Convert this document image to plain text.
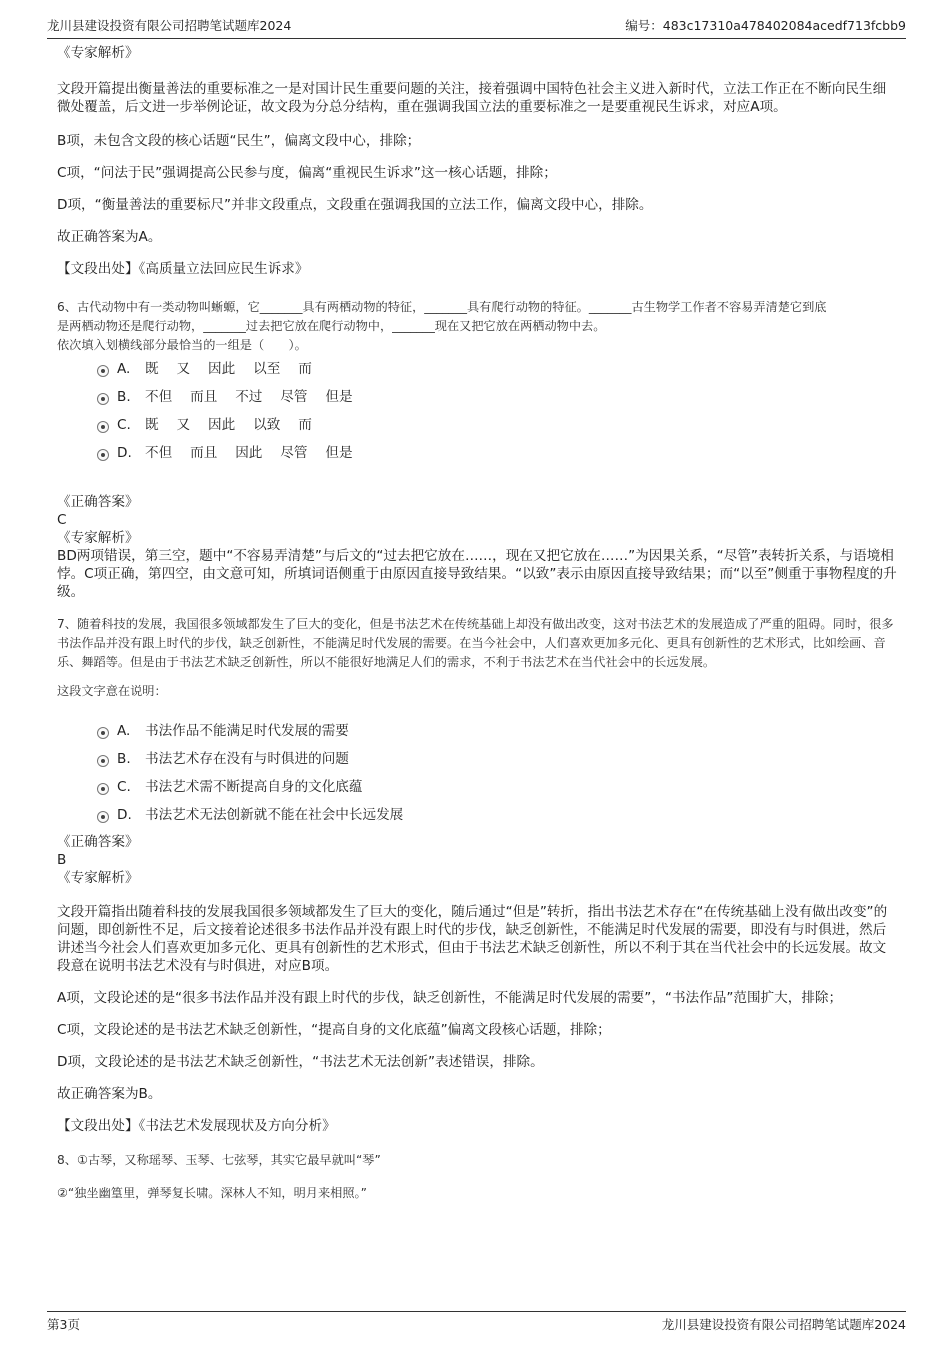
龙川县建设投资有限公司招聘笔试题库2024	编号：483c17310a478402084acedf713fcbb9

《专家解析》

文段开篇提出衡量善法的重要标准之一是对国计民生重要问题的关注，接着强调中国特色社会主义进入新时代，立法工作正在不断向民生细微处覆盖，后文进一步举例论证，故文段为分总分结构，重在强调我国立法的重要标准之一是要重视民生诉求，对应A项。

B项，未包含文段的核心话题“民生”，偏离文段中心，排除；

C项，“问法于民”强调提高公民参与度，偏离“重视民生诉求”这一核心话题，排除；

D项，“衡量善法的重要标尺”并非文段重点，文段重在强调我国的立法工作，偏离文段中心，排除。

故正确答案为A。

【文段出处】《高质量立法回应民生诉求》

6、古代动物中有一类动物叫蜥螈，它_______具有两栖动物的特征，_______具有爬行动物的特征。_______古生物学工作者不容易弄清楚它到底

是两栖动物还是爬行动物，_______过去把它放在爬行动物中，_______现在又把它放在两栖动物中去。

依次填入划横线部分最恰当的一组是（　　）。

A. 既　 又　 因此　 以至　 而
B. 不但　 而且　 不过　 尽管　 但是
C. 既　 又　 因此　 以致　 而
D. 不但　 而且　 因此　 尽管　 但是

《正确答案》

C

《专家解析》

BD两项错误，第三空，题中“不容易弄清楚”与后文的“过去把它放在……，现在又把它放在……”为因果关系，“尽管”表转折关系，与语境相悖。C项正确，第四空，由文意可知，所填词语侧重于由原因直接导致结果。“以致”表示由原因直接导致结果；而“以至”侧重于事物程度的升级。

7、随着科技的发展，我国很多领域都发生了巨大的变化，但是书法艺术在传统基础上却没有做出改变，这对书法艺术的发展造成了严重的阻碍。同时，很多书法作品并没有跟上时代的步伐，缺乏创新性，不能满足时代发展的需要。在当今社会中，人们喜欢更加多元化、更具有创新性的艺术形式，比如绘画、音乐、舞蹈等。但是由于书法艺术缺乏创新性，所以不能很好地满足人们的需求，不利于书法艺术在当代社会中的长远发展。

这段文字意在说明：

A. 书法作品不能满足时代发展的需要
B. 书法艺术存在没有与时俱进的问题
C. 书法艺术需不断提高自身的文化底蕴
D. 书法艺术无法创新就不能在社会中长远发展

《正确答案》

B

《专家解析》

文段开篇指出随着科技的发展我国很多领域都发生了巨大的变化，随后通过“但是”转折，指出书法艺术存在“在传统基础上没有做出改变”的问题，即创新性不足，后文接着论述很多书法作品并没有跟上时代的步伐，缺乏创新性，不能满足时代发展的需要，即没有与时俱进，然后讲述当今社会人们喜欢更加多元化、更具有创新性的艺术形式，但由于书法艺术缺乏创新性，所以不利于其在当代社会中的长远发展。故文段意在说明书法艺术没有与时俱进，对应B项。

A项，文段论述的是“很多书法作品并没有跟上时代的步伐，缺乏创新性，不能满足时代发展的需要”，“书法作品”范围扩大，排除；

C项，文段论述的是书法艺术缺乏创新性，“提高自身的文化底蕴”偏离文段核心话题，排除；

D项，文段论述的是书法艺术缺乏创新性，“书法艺术无法创新”表述错误，排除。

故正确答案为B。

【文段出处】《书法艺术发展现状及方向分析》

8、①古琴，又称瑶琴、玉琴、七弦琴，其实它最早就叫“琴”

②“独坐幽篁里，弹琴复长啸。深林人不知，明月来相照。”

第3页	龙川县建设投资有限公司招聘笔试题库2024
